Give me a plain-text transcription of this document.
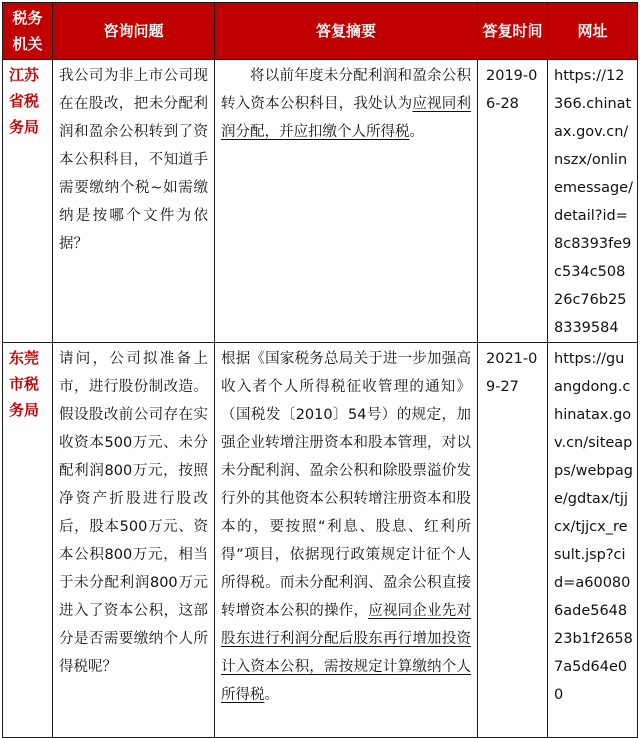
税务机关	咨询问题	答复摘要	答复时间	网址
江苏省税务局	我公司为非上市公司现在在股改，把未分配利润和盈余公积转到了资本公积科目，不知道手需要缴纳个税~如需缴纳是按哪个文件为依据？	将以前年度未分配利润和盈余公积转入资本公积科目，我处认为应视同利润分配，并应扣缴个人所得税。	2019-06-28	https://12366.chinatax.gov.cn/nszx/onlinemessage/detail?id=8c8393fe9c534c50826c76b258339584
东莞市税务局	请问，公司拟准备上市，进行股份制改造。假设股改前公司存在实收资本500万元、未分配利润800万元，按照净资产折股进行股改后，股本500万元、资本公积800万元，相当于未分配利润800万元进入了资本公积，这部分是否需要缴纳个人所得税呢？	根据《国家税务总局关于进一步加强高收入者个人所得税征收管理的通知》（国税发〔2010〕54号）的规定，加强企业转增注册资本和股本管理，对以未分配利润、盈余公积和除股票溢价发行外的其他资本公积转增注册资本和股本的，要按照“利息、股息、红利所得”项目，依据现行政策规定计征个人所得税。而未分配利润、盈余公积直接转增资本公积的操作，应视同企业先对股东进行利润分配后股东再行增加投资计入资本公积，需按规定计算缴纳个人所得税。	2021-09-27	https://guangdong.chinatax.gov.cn/siteapps/webpage/gdtax/tjjcx/tjjcx_result.jsp?cid=a600806ade564823b1f26587a5d64e00
